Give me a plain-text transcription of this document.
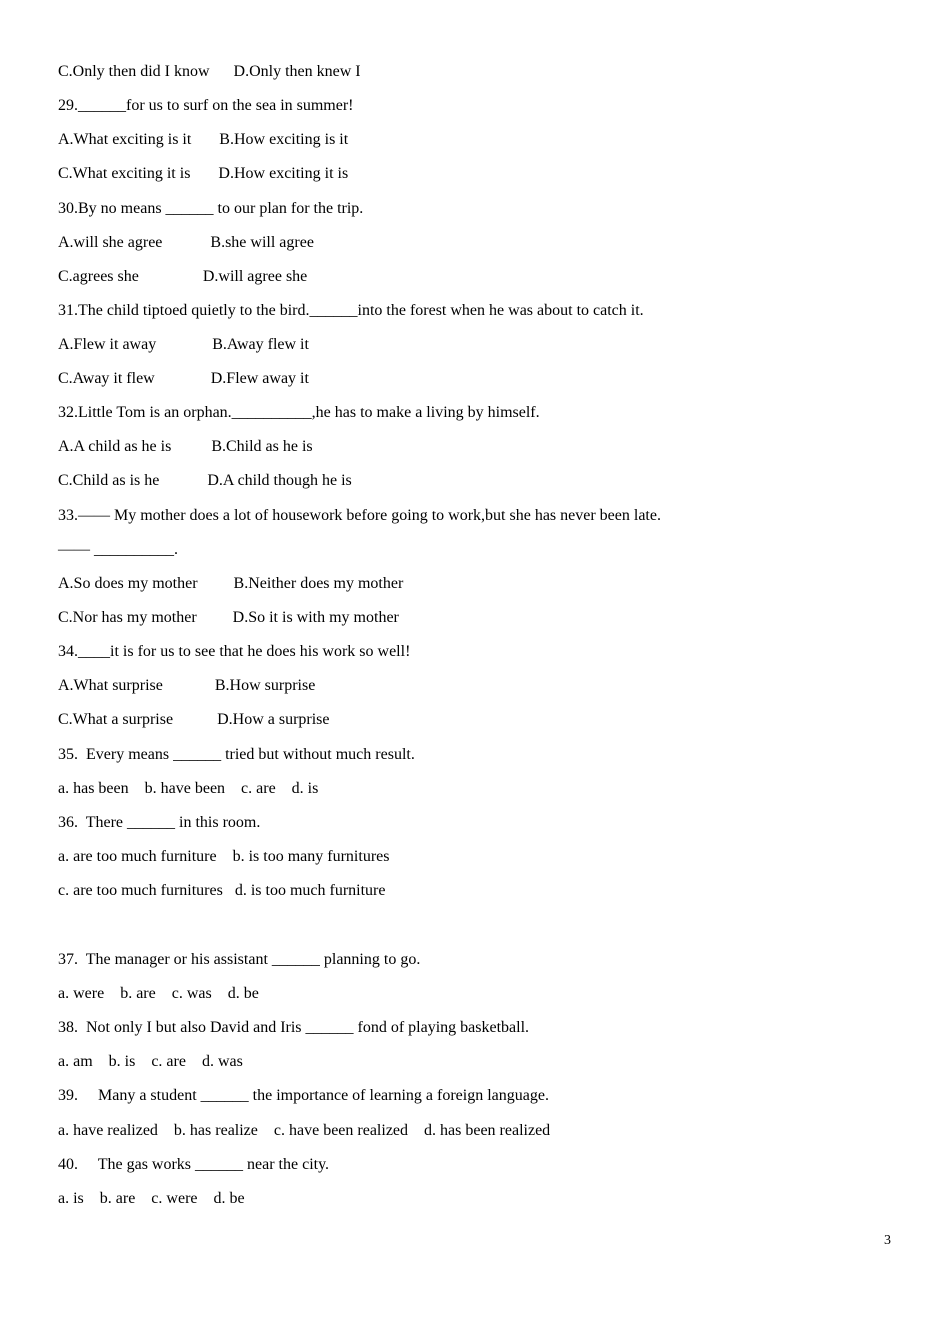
C.Only then did I know      D.Only then knew I
29.______for us to surf on the sea in summer!
A.What exciting is it       B.How exciting is it
C.What exciting it is       D.How exciting it is
30.By no means ______ to our plan for the trip.
A.will she agree            B.she will agree
C.agrees she                D.will agree she
31.The child tiptoed quietly to the bird.______into the forest when he was about to catch it.
A.Flew it away              B.Away flew it
C.Away it flew              D.Flew away it
32.Little Tom is an orphan.__________,he has to make a living by himself.
A.A child as he is          B.Child as he is
C.Child as is he            D.A child though he is
33.—— My mother does a lot of housework before going to work,but she has never been late.
—— __________.
A.So does my mother         B.Neither does my mother
C.Nor has my mother         D.So it is with my mother
34.____it is for us to see that he does his work so well!
A.What surprise             B.How surprise
C.What a surprise           D.How a surprise
35.  Every means ______ tried but without much result.
a. has been    b. have been    c. are    d. is
36.  There ______ in this room.
a. are too much furniture    b. is too many furnitures
c. are too much furnitures   d. is too much furniture
37.  The manager or his assistant ______ planning to go.
a. were    b. are    c. was    d. be
38.  Not only I but also David and Iris ______ fond of playing basketball.
a. am    b. is    c. are    d. was
39.     Many a student ______ the importance of learning a foreign language.
a. have realized    b. has realize    c. have been realized    d. has been realized
40.     The gas works ______ near the city.
a. is    b. are    c. were    d. be
3
